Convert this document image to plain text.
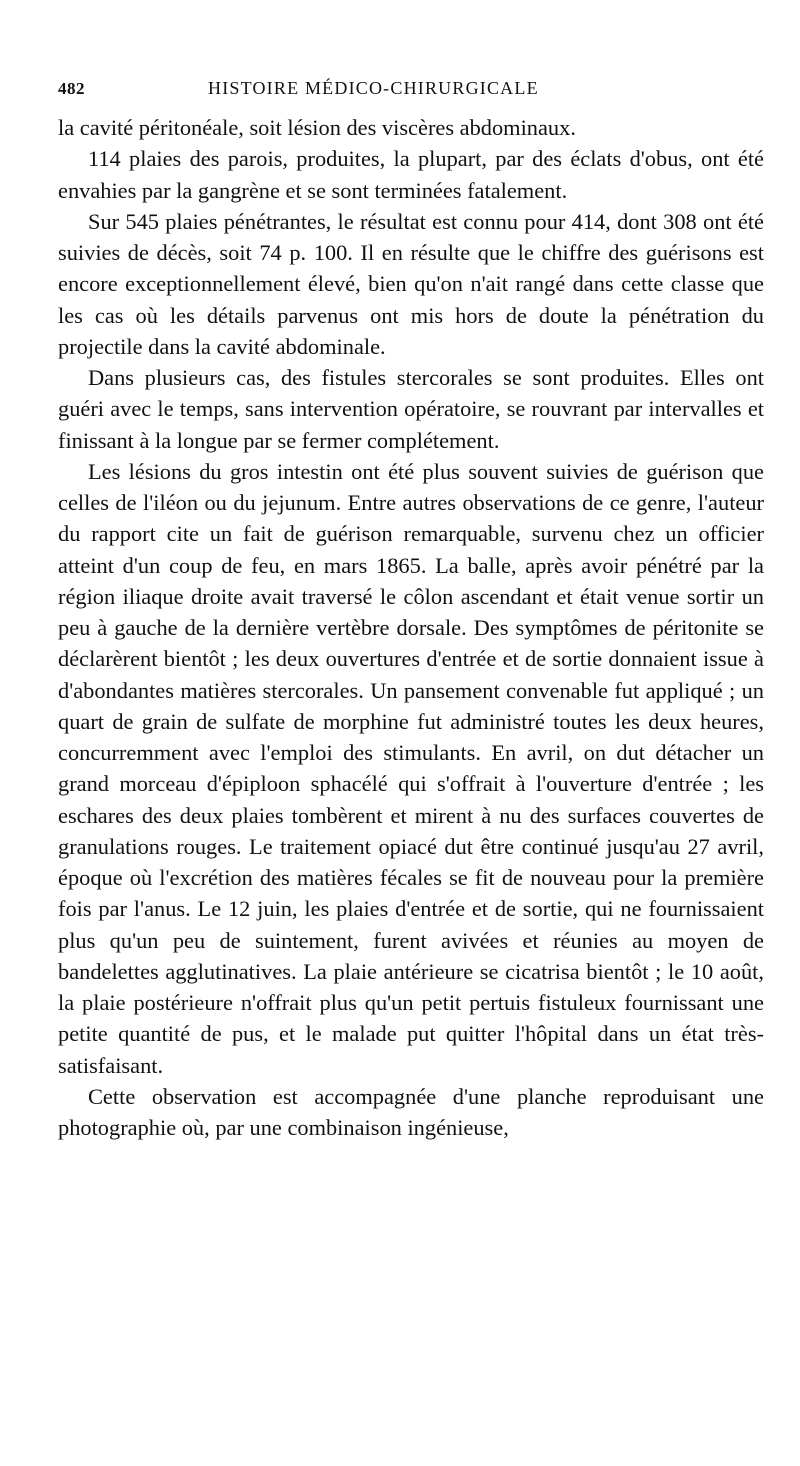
482	HISTOIRE MÉDICO-CHIRURGICALE

la cavité péritonéale, soit lésion des viscères abdominaux.

114 plaies des parois, produites, la plupart, par des éclats d'obus, ont été envahies par la gangrène et se sont terminées fatalement.

Sur 545 plaies pénétrantes, le résultat est connu pour 414, dont 308 ont été suivies de décès, soit 74 p. 100. Il en résulte que le chiffre des guérisons est encore exceptionnellement élevé, bien qu'on n'ait rangé dans cette classe que les cas où les détails parvenus ont mis hors de doute la pénétration du projectile dans la cavité abdominale.

Dans plusieurs cas, des fistules stercorales se sont produites. Elles ont guéri avec le temps, sans intervention opératoire, se rouvrant par intervalles et finissant à la longue par se fermer complétement.

Les lésions du gros intestin ont été plus souvent suivies de guérison que celles de l'iléon ou du jejunum. Entre autres observations de ce genre, l'auteur du rapport cite un fait de guérison remarquable, survenu chez un officier atteint d'un coup de feu, en mars 1865. La balle, après avoir pénétré par la région iliaque droite avait traversé le côlon ascendant et était venue sortir un peu à gauche de la dernière vertèbre dorsale. Des symptômes de péritonite se déclarèrent bientôt ; les deux ouvertures d'entrée et de sortie donnaient issue à d'abondantes matières stercorales. Un pansement convenable fut appliqué ; un quart de grain de sulfate de morphine fut administré toutes les deux heures, concurremment avec l'emploi des stimulants. En avril, on dut détacher un grand morceau d'épiploon sphacélé qui s'offrait à l'ouverture d'entrée ; les eschares des deux plaies tombèrent et mirent à nu des surfaces couvertes de granulations rouges. Le traitement opiacé dut être continué jusqu'au 27 avril, époque où l'excrétion des matières fécales se fit de nouveau pour la première fois par l'anus. Le 12 juin, les plaies d'entrée et de sortie, qui ne fournissaient plus qu'un peu de suintement, furent avivées et réunies au moyen de bandelettes agglutinatives. La plaie antérieure se cicatrisa bientôt ; le 10 août, la plaie postérieure n'offrait plus qu'un petit pertuis fistuleux fournissant une petite quantité de pus, et le malade put quitter l'hôpital dans un état très-satisfaisant.

Cette observation est accompagnée d'une planche reproduisant une photographie où, par une combinaison ingénieuse,
